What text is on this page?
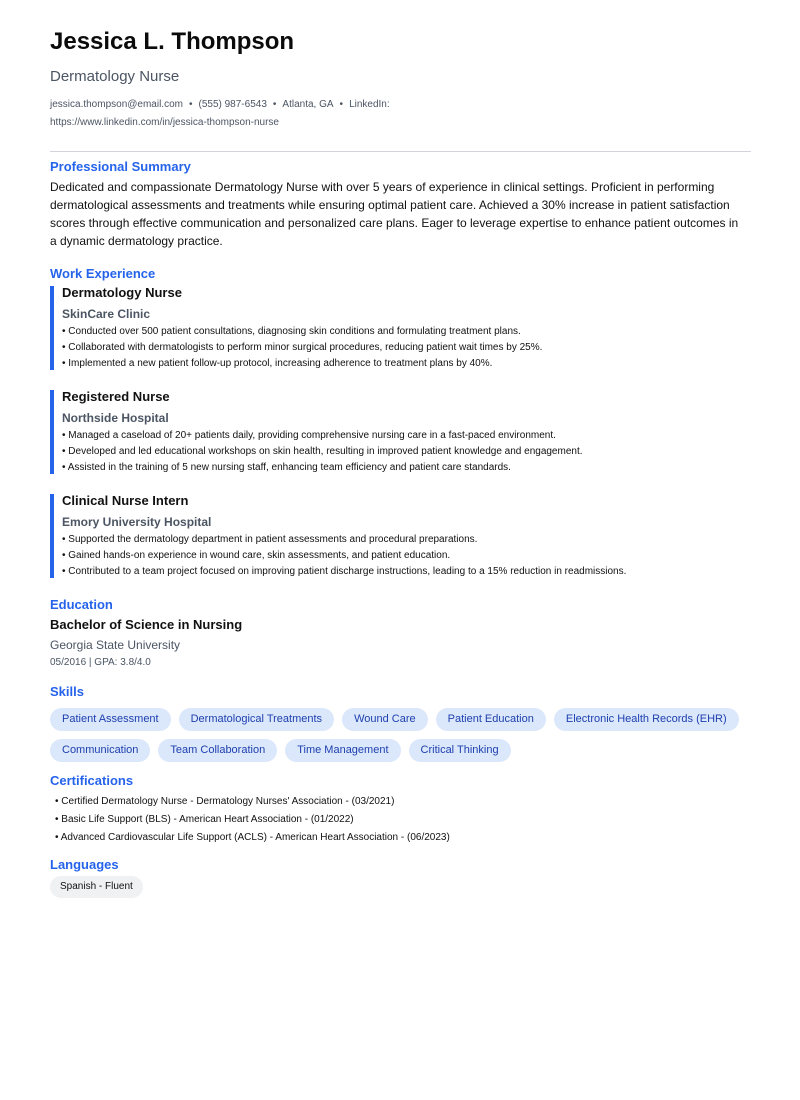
Jessica L. Thompson
Dermatology Nurse
jessica.thompson@email.com • (555) 987-6543 • Atlanta, GA • LinkedIn:
https://www.linkedin.com/in/jessica-thompson-nurse
Professional Summary
Dedicated and compassionate Dermatology Nurse with over 5 years of experience in clinical settings. Proficient in performing dermatological assessments and treatments while ensuring optimal patient care. Achieved a 30% increase in patient satisfaction scores through effective communication and personalized care plans. Eager to leverage expertise to enhance patient outcomes in a dynamic dermatology practice.
Work Experience
Dermatology Nurse
SkinCare Clinic
• Conducted over 500 patient consultations, diagnosing skin conditions and formulating treatment plans.
• Collaborated with dermatologists to perform minor surgical procedures, reducing patient wait times by 25%.
• Implemented a new patient follow-up protocol, increasing adherence to treatment plans by 40%.
Registered Nurse
Northside Hospital
• Managed a caseload of 20+ patients daily, providing comprehensive nursing care in a fast-paced environment.
• Developed and led educational workshops on skin health, resulting in improved patient knowledge and engagement.
• Assisted in the training of 5 new nursing staff, enhancing team efficiency and patient care standards.
Clinical Nurse Intern
Emory University Hospital
• Supported the dermatology department in patient assessments and procedural preparations.
• Gained hands-on experience in wound care, skin assessments, and patient education.
• Contributed to a team project focused on improving patient discharge instructions, leading to a 15% reduction in readmissions.
Education
Bachelor of Science in Nursing
Georgia State University
05/2016 | GPA: 3.8/4.0
Skills
Patient Assessment	Dermatological Treatments	Wound Care	Patient Education	Electronic Health Records (EHR)
Communication	Team Collaboration	Time Management	Critical Thinking
Certifications
• Certified Dermatology Nurse - Dermatology Nurses' Association - (03/2021)
• Basic Life Support (BLS) - American Heart Association - (01/2022)
• Advanced Cardiovascular Life Support (ACLS) - American Heart Association - (06/2023)
Languages
Spanish - Fluent
